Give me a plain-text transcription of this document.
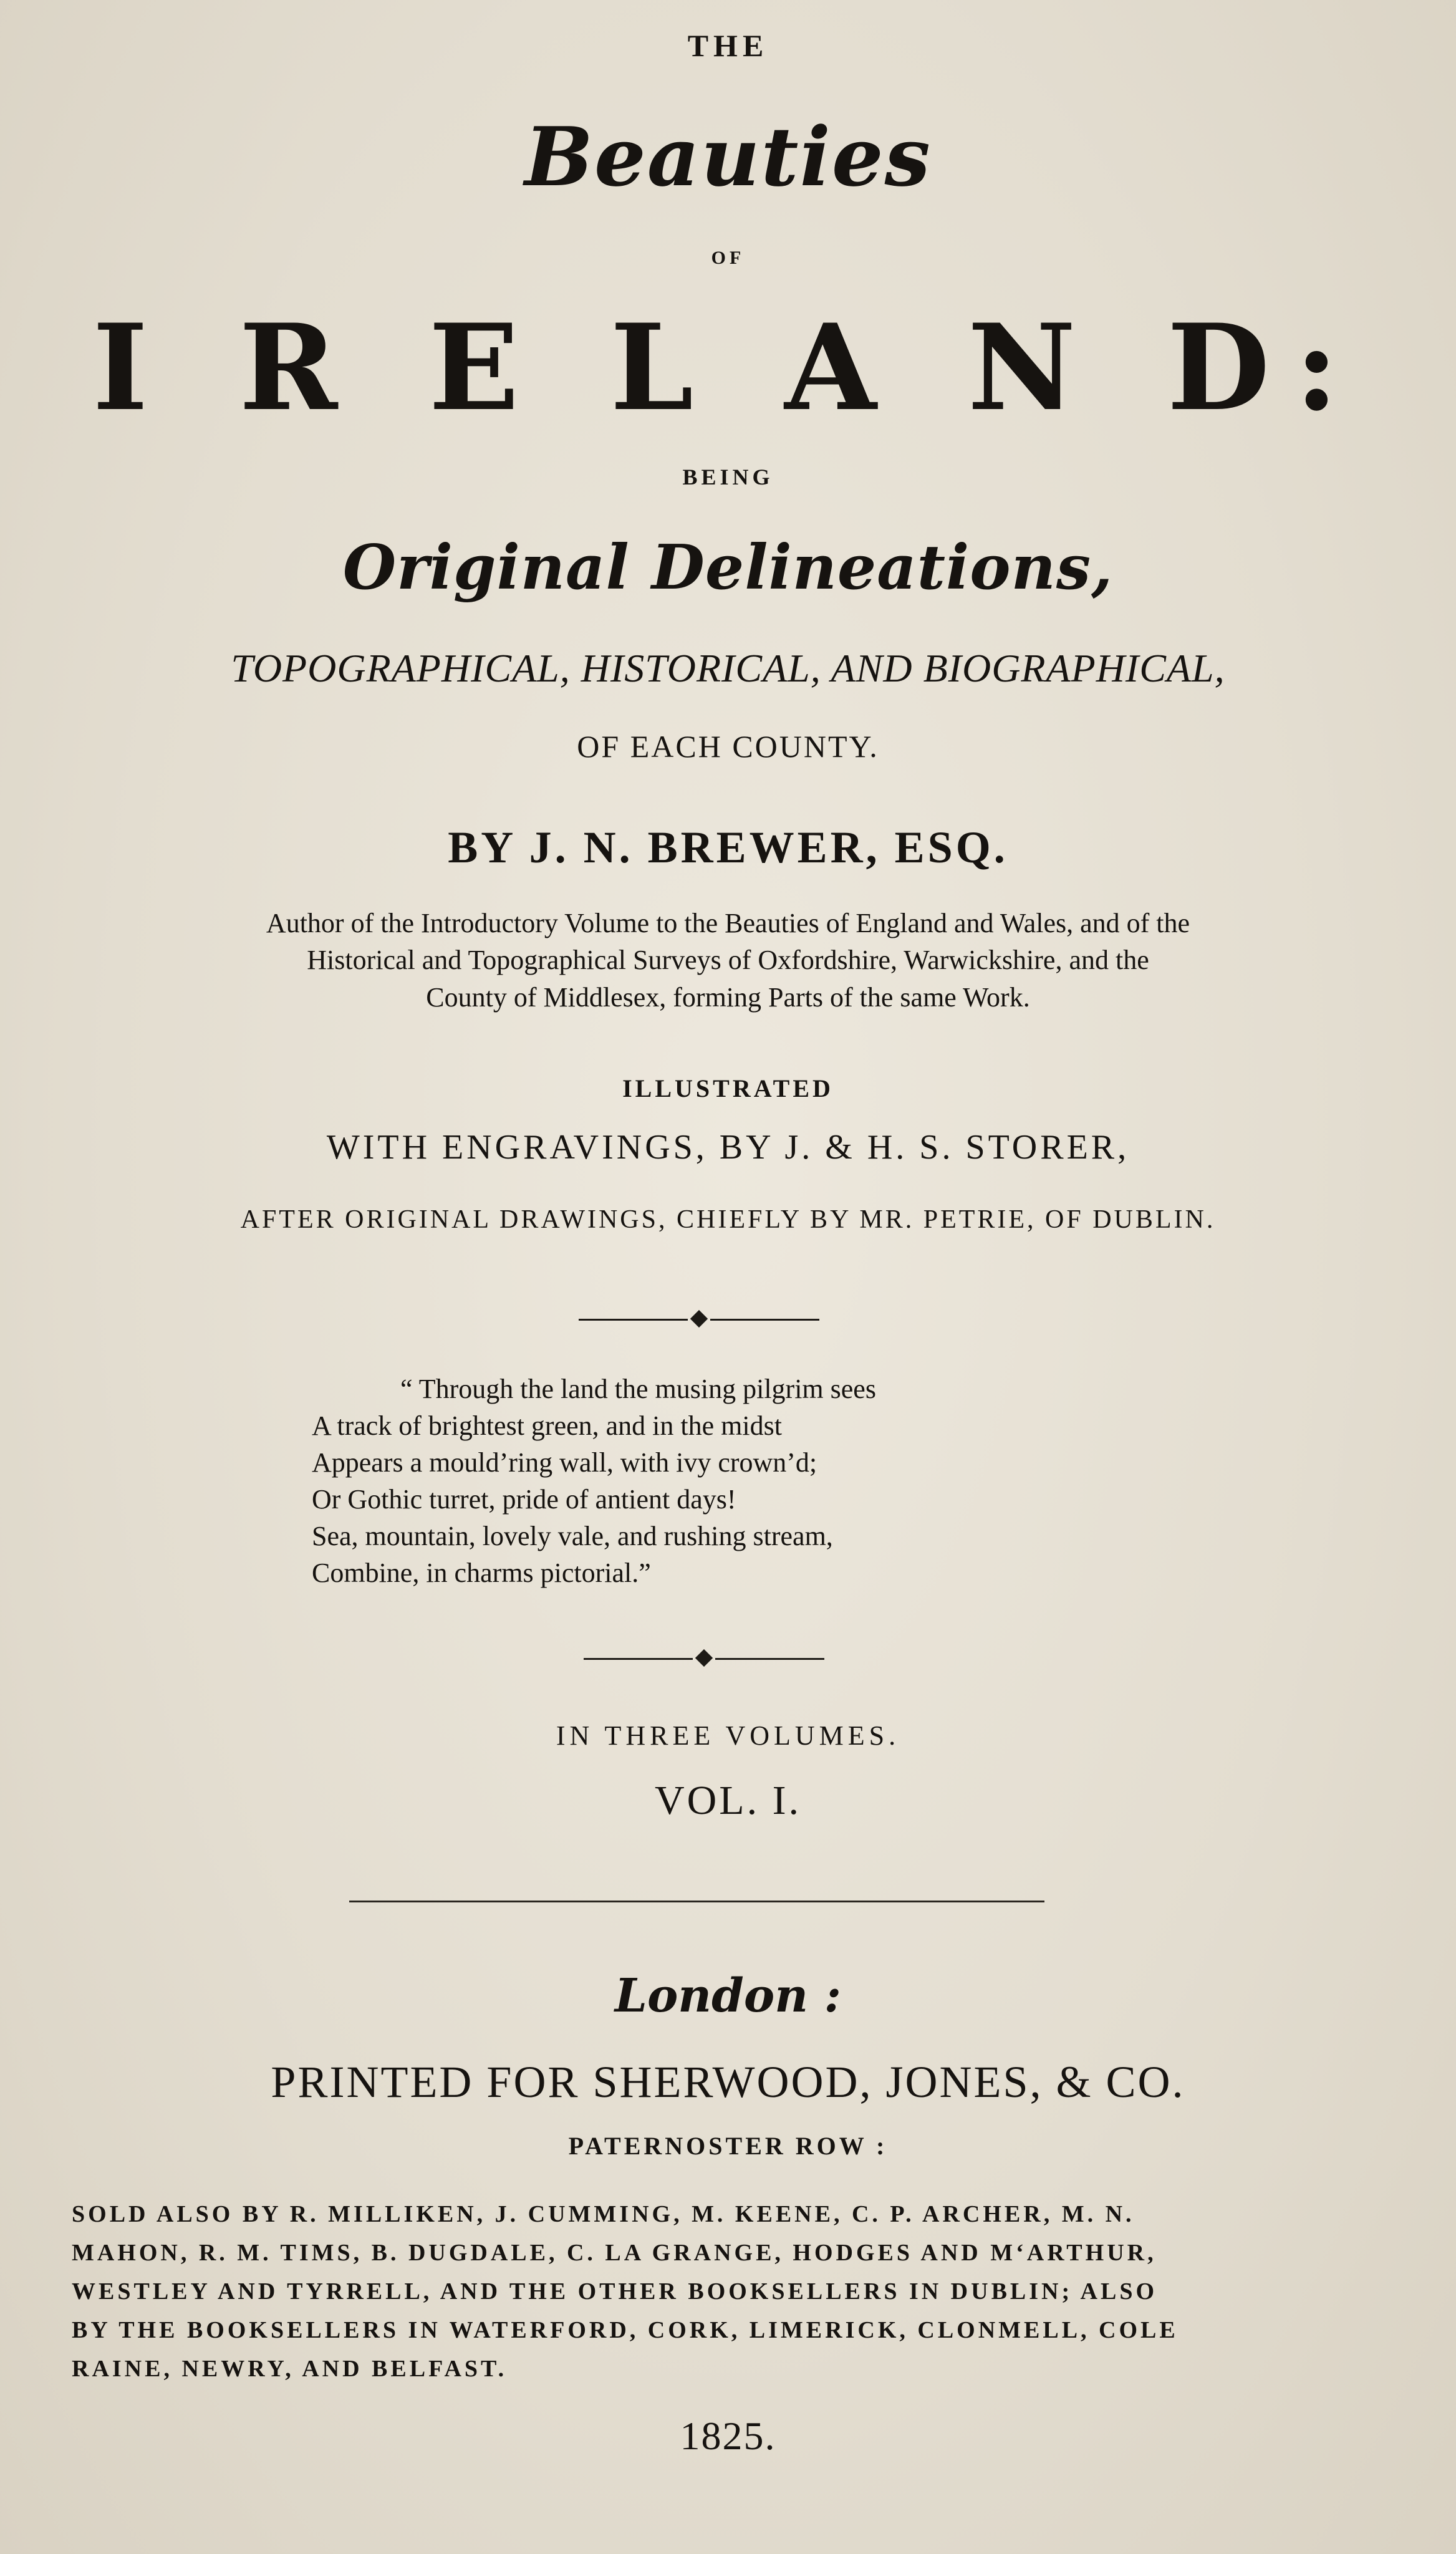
THE
Beauties
OF
I R E L A N D:
BEING
Original Delineations,
TOPOGRAPHICAL, HISTORICAL, AND BIOGRAPHICAL,
OF EACH COUNTY.
BY J. N. BREWER, ESQ.
Author of the Introductory Volume to the Beauties of England and Wales, and of the
Historical and Topographical Surveys of Oxfordshire, Warwickshire, and the
County of Middlesex, forming Parts of the same Work.
ILLUSTRATED
WITH ENGRAVINGS, BY J. & H. S. STORER,
AFTER ORIGINAL DRAWINGS, CHIEFLY BY MR. PETRIE, OF DUBLIN.
“ Through the land the musing pilgrim sees
A track of brightest green, and in the midst
Appears a mould’ring wall, with ivy crown’d;
Or Gothic turret, pride of antient days!
Sea, mountain, lovely vale, and rushing stream,
Combine, in charms pictorial.”
IN THREE VOLUMES.
VOL. I.
London :
PRINTED FOR SHERWOOD, JONES, & CO.
PATERNOSTER ROW :
SOLD ALSO BY R. MILLIKEN, J. CUMMING, M. KEENE, C. P. ARCHER, M. N.
MAHON, R. M. TIMS, B. DUGDALE, C. LA GRANGE, HODGES AND M‘ARTHUR,
WESTLEY AND TYRRELL, AND THE OTHER BOOKSELLERS IN DUBLIN; ALSO
BY THE BOOKSELLERS IN WATERFORD, CORK, LIMERICK, CLONMELL, COLE
RAINE, NEWRY, AND BELFAST.
1825.
